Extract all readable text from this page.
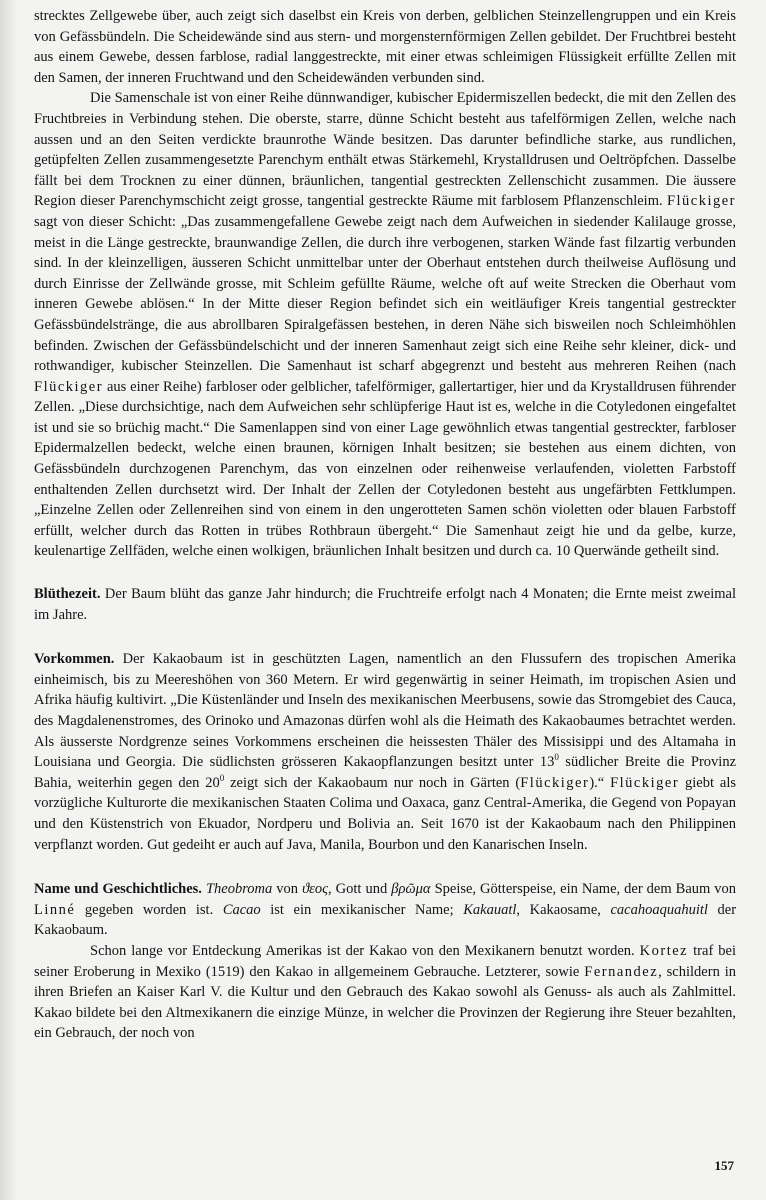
strecktes Zellgewebe über, auch zeigt sich daselbst ein Kreis von derben, gelblichen Steinzellengruppen und ein Kreis von Gefässbündeln. Die Scheidewände sind aus stern- und morgensternförmigen Zellen gebildet. Der Fruchtbrei besteht aus einem Gewebe, dessen farblose, radial langgestreckte, mit einer etwas schleimigen Flüssigkeit erfüllte Zellen mit den Samen, der inneren Fruchtwand und den Scheidewänden verbunden sind.

Die Samenschale ist von einer Reihe dünnwandiger, kubischer Epidermiszellen bedeckt, die mit den Zellen des Fruchtbreies in Verbindung stehen. Die oberste, starre, dünne Schicht besteht aus tafelförmigen Zellen, welche nach aussen und an den Seiten verdickte braunrothe Wände besitzen. Das darunter befindliche starke, aus rundlichen, getüpfelten Zellen zusammengesetzte Parenchym enthält etwas Stärkemehl, Krystalldrusen und Oeltröpfchen. Dasselbe fällt bei dem Trocknen zu einer dünnen, bräunlichen, tangential gestreckten Zellenschicht zusammen. Die äussere Region dieser Parenchymschicht zeigt grosse, tangential gestreckte Räume mit farblosem Pflanzenschleim. Flückiger sagt von dieser Schicht: „Das zusammengefallene Gewebe zeigt nach dem Aufweichen in siedender Kalilauge grosse, meist in die Länge gestreckte, braunwandige Zellen, die durch ihre verbogenen, starken Wände fast filzartig verbunden sind. In der kleinzelligen, äusseren Schicht unmittelbar unter der Oberhaut entstehen durch theilweise Auflösung und durch Einrisse der Zellwände grosse, mit Schleim gefüllte Räume, welche oft auf weite Strecken die Oberhaut vom inneren Gewebe ablösen.“ In der Mitte dieser Region befindet sich ein weitläufiger Kreis tangential gestreckter Gefässbündelstränge, die aus abrollbaren Spiralgefässen bestehen, in deren Nähe sich bisweilen noch Schleimhöhlen befinden. Zwischen der Gefässbündelschicht und der inneren Samenhaut zeigt sich eine Reihe sehr kleiner, dick- und rothwandiger, kubischer Steinzellen. Die Samenhaut ist scharf abgegrenzt und besteht aus mehreren Reihen (nach Flückiger aus einer Reihe) farbloser oder gelblicher, tafelförmiger, gallertartiger, hier und da Krystalldrusen führender Zellen. „Diese durchsichtige, nach dem Aufweichen sehr schlüpferige Haut ist es, welche in die Cotyledonen eingefaltet ist und sie so brüchig macht.“ Die Samenlappen sind von einer Lage gewöhnlich etwas tangential gestreckter, farbloser Epidermalzellen bedeckt, welche einen braunen, körnigen Inhalt besitzen; sie bestehen aus einem dichten, von Gefässbündeln durchzogenen Parenchym, das von einzelnen oder reihenweise verlaufenden, violetten Farbstoff enthaltenden Zellen durchsetzt wird. Der Inhalt der Zellen der Cotyledonen besteht aus ungefärbten Fettklumpen. „Einzelne Zellen oder Zellenreihen sind von einem in den ungerotteten Samen schön violetten oder blauen Farbstoff erfüllt, welcher durch das Rotten in trübes Rothbraun übergeht.“ Die Samenhaut zeigt hie und da gelbe, kurze, keulenartige Zellfäden, welche einen wolkigen, bräunlichen Inhalt besitzen und durch ca. 10 Querwände getheilt sind.

Blüthezeit. Der Baum blüht das ganze Jahr hindurch; die Fruchtreife erfolgt nach 4 Monaten; die Ernte meist zweimal im Jahre.

Vorkommen. Der Kakaobaum ist in geschützten Lagen, namentlich an den Flussufern des tropischen Amerika einheimisch, bis zu Meereshöhen von 360 Metern. Er wird gegenwärtig in seiner Heimath, im tropischen Asien und Afrika häufig kultivirt. „Die Küstenländer und Inseln des mexikanischen Meerbusens, sowie das Stromgebiet des Cauca, des Magdalenenstromes, des Orinoko und Amazonas dürfen wohl als die Heimath des Kakaobaumes betrachtet werden. Als äusserste Nordgrenze seines Vorkommens erscheinen die heissesten Thäler des Missisippi und des Altamaha in Louisiana und Georgia. Die südlichsten grösseren Kakaopflanzungen besitzt unter $13^0$ südlicher Breite die Provinz Bahia, weiterhin gegen den $20^0$ zeigt sich der Kakaobaum nur noch in Gärten (Flückiger).“ Flückiger giebt als vorzügliche Kulturorte die mexikanischen Staaten Colima und Oaxaca, ganz Central-Amerika, die Gegend von Popayan und den Küstenstrich von Ekuador, Nordperu und Bolivia an. Seit 1670 ist der Kakaobaum nach den Philippinen verpflanzt worden. Gut gedeiht er auch auf Java, Manila, Bourbon und den Kanarischen Inseln.

Name und Geschichtliches. Theobroma von ϑεος, Gott und βρῶμα Speise, Götterspeise, ein Name, der dem Baum von Linné gegeben worden ist. Cacao ist ein mexikanischer Name; Kakauatl, Kakaosame, cacahoaquahuitl der Kakaobaum.

Schon lange vor Entdeckung Amerikas ist der Kakao von den Mexikanern benutzt worden. Kortez traf bei seiner Eroberung in Mexiko (1519) den Kakao in allgemeinem Gebrauche. Letzterer, sowie Fernandez, schildern in ihren Briefen an Kaiser Karl V. die Kultur und den Gebrauch des Kakao sowohl als Genuss- als auch als Zahlmittel. Kakao bildete bei den Altmexikanern die einzige Münze, in welcher die Provinzen der Regierung ihre Steuer bezahlten, ein Gebrauch, der noch von

157
